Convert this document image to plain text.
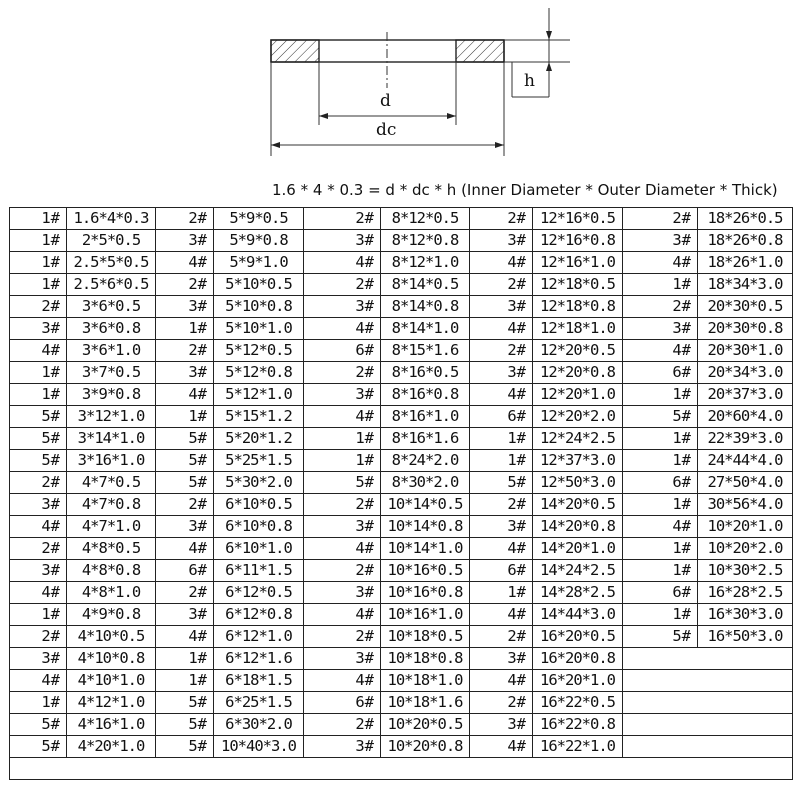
d
dc
h
1.6 * 4 * 0.3 = d * dc * h (Inner Diameter * Outer Diameter * Thick)
1#	1.6*4*0.3	2#	5*9*0.5	2#	8*12*0.5	2#	12*16*0.5	2#	18*26*0.5
1#	2*5*0.5	3#	5*9*0.8	3#	8*12*0.8	3#	12*16*0.8	3#	18*26*0.8
1#	2.5*5*0.5	4#	5*9*1.0	4#	8*12*1.0	4#	12*16*1.0	4#	18*26*1.0
1#	2.5*6*0.5	2#	5*10*0.5	2#	8*14*0.5	2#	12*18*0.5	1#	18*34*3.0
2#	3*6*0.5	3#	5*10*0.8	3#	8*14*0.8	3#	12*18*0.8	2#	20*30*0.5
3#	3*6*0.8	1#	5*10*1.0	4#	8*14*1.0	4#	12*18*1.0	3#	20*30*0.8
4#	3*6*1.0	2#	5*12*0.5	6#	8*15*1.6	2#	12*20*0.5	4#	20*30*1.0
1#	3*7*0.5	3#	5*12*0.8	2#	8*16*0.5	3#	12*20*0.8	6#	20*34*3.0
1#	3*9*0.8	4#	5*12*1.0	3#	8*16*0.8	4#	12*20*1.0	1#	20*37*3.0
5#	3*12*1.0	1#	5*15*1.2	4#	8*16*1.0	6#	12*20*2.0	5#	20*60*4.0
5#	3*14*1.0	5#	5*20*1.2	1#	8*16*1.6	1#	12*24*2.5	1#	22*39*3.0
5#	3*16*1.0	5#	5*25*1.5	1#	8*24*2.0	1#	12*37*3.0	1#	24*44*4.0
2#	4*7*0.5	5#	5*30*2.0	5#	8*30*2.0	5#	12*50*3.0	6#	27*50*4.0
3#	4*7*0.8	2#	6*10*0.5	2#	10*14*0.5	2#	14*20*0.5	1#	30*56*4.0
4#	4*7*1.0	3#	6*10*0.8	3#	10*14*0.8	3#	14*20*0.8	4#	10*20*1.0
2#	4*8*0.5	4#	6*10*1.0	4#	10*14*1.0	4#	14*20*1.0	1#	10*20*2.0
3#	4*8*0.8	6#	6*11*1.5	2#	10*16*0.5	6#	14*24*2.5	1#	10*30*2.5
4#	4*8*1.0	2#	6*12*0.5	3#	10*16*0.8	1#	14*28*2.5	6#	16*28*2.5
1#	4*9*0.8	3#	6*12*0.8	4#	10*16*1.0	4#	14*44*3.0	1#	16*30*3.0
2#	4*10*0.5	4#	6*12*1.0	2#	10*18*0.5	2#	16*20*0.5	5#	16*50*3.0
3#	4*10*0.8	1#	6*12*1.6	3#	10*18*0.8	3#	16*20*0.8		
4#	4*10*1.0	1#	6*18*1.5	4#	10*18*1.0	4#	16*20*1.0		
1#	4*12*1.0	5#	6*25*1.5	6#	10*18*1.6	2#	16*22*0.5		
5#	4*16*1.0	5#	6*30*2.0	2#	10*20*0.5	3#	16*22*0.8		
5#	4*20*1.0	5#	10*40*3.0	3#	10*20*0.8	4#	16*22*1.0		
